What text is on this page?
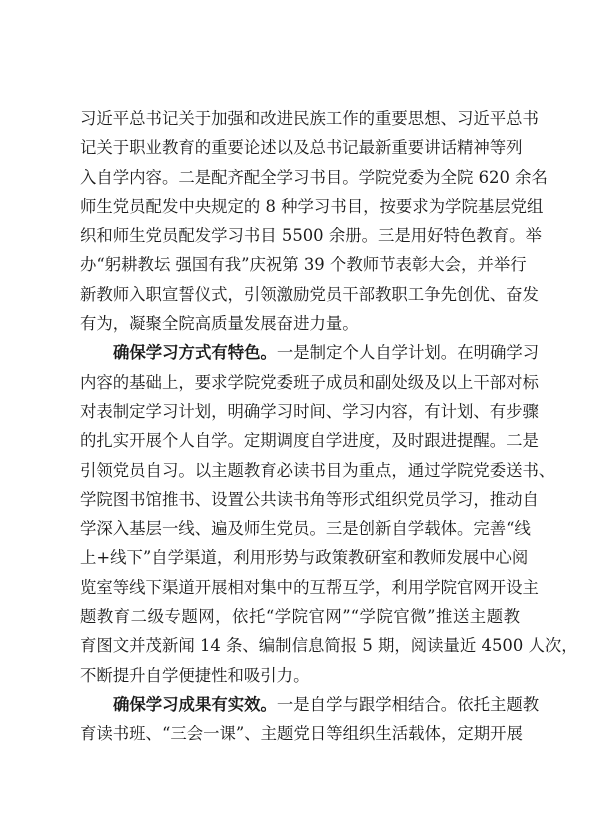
习近平总书记关于加强和改进民族工作的重要思想、习近平总书
记关于职业教育的重要论述以及总书记最新重要讲话精神等列
入自学内容。二是配齐配全学习书目。学院党委为全院 620 余名
师生党员配发中央规定的 8 种学习书目，按要求为学院基层党组
织和师生党员配发学习书目 5500 余册。三是用好特色教育。举
办“躬耕教坛 强国有我”庆祝第 39 个教师节表彰大会，并举行
新教师入职宣誓仪式，引领激励党员干部教职工争先创优、奋发
有为，凝聚全院高质量发展奋进力量。
确保学习方式有特色。一是制定个人自学计划。在明确学习
内容的基础上，要求学院党委班子成员和副处级及以上干部对标
对表制定学习计划，明确学习时间、学习内容，有计划、有步骤
的扎实开展个人自学。定期调度自学进度，及时跟进提醒。二是
引领党员自习。以主题教育必读书目为重点，通过学院党委送书、
学院图书馆推书、设置公共读书角等形式组织党员学习，推动自
学深入基层一线、遍及师生党员。三是创新自学载体。完善“线
上+线下”自学渠道，利用形势与政策教研室和教师发展中心阅
览室等线下渠道开展相对集中的互帮互学，利用学院官网开设主
题教育二级专题网，依托“学院官网”“学院官微”推送主题教
育图文并茂新闻 14 条、编制信息简报 5 期，阅读量近 4500 人次，
不断提升自学便捷性和吸引力。
确保学习成果有实效。一是自学与跟学相结合。依托主题教
育读书班、“三会一课”、主题党日等组织生活载体，定期开展
